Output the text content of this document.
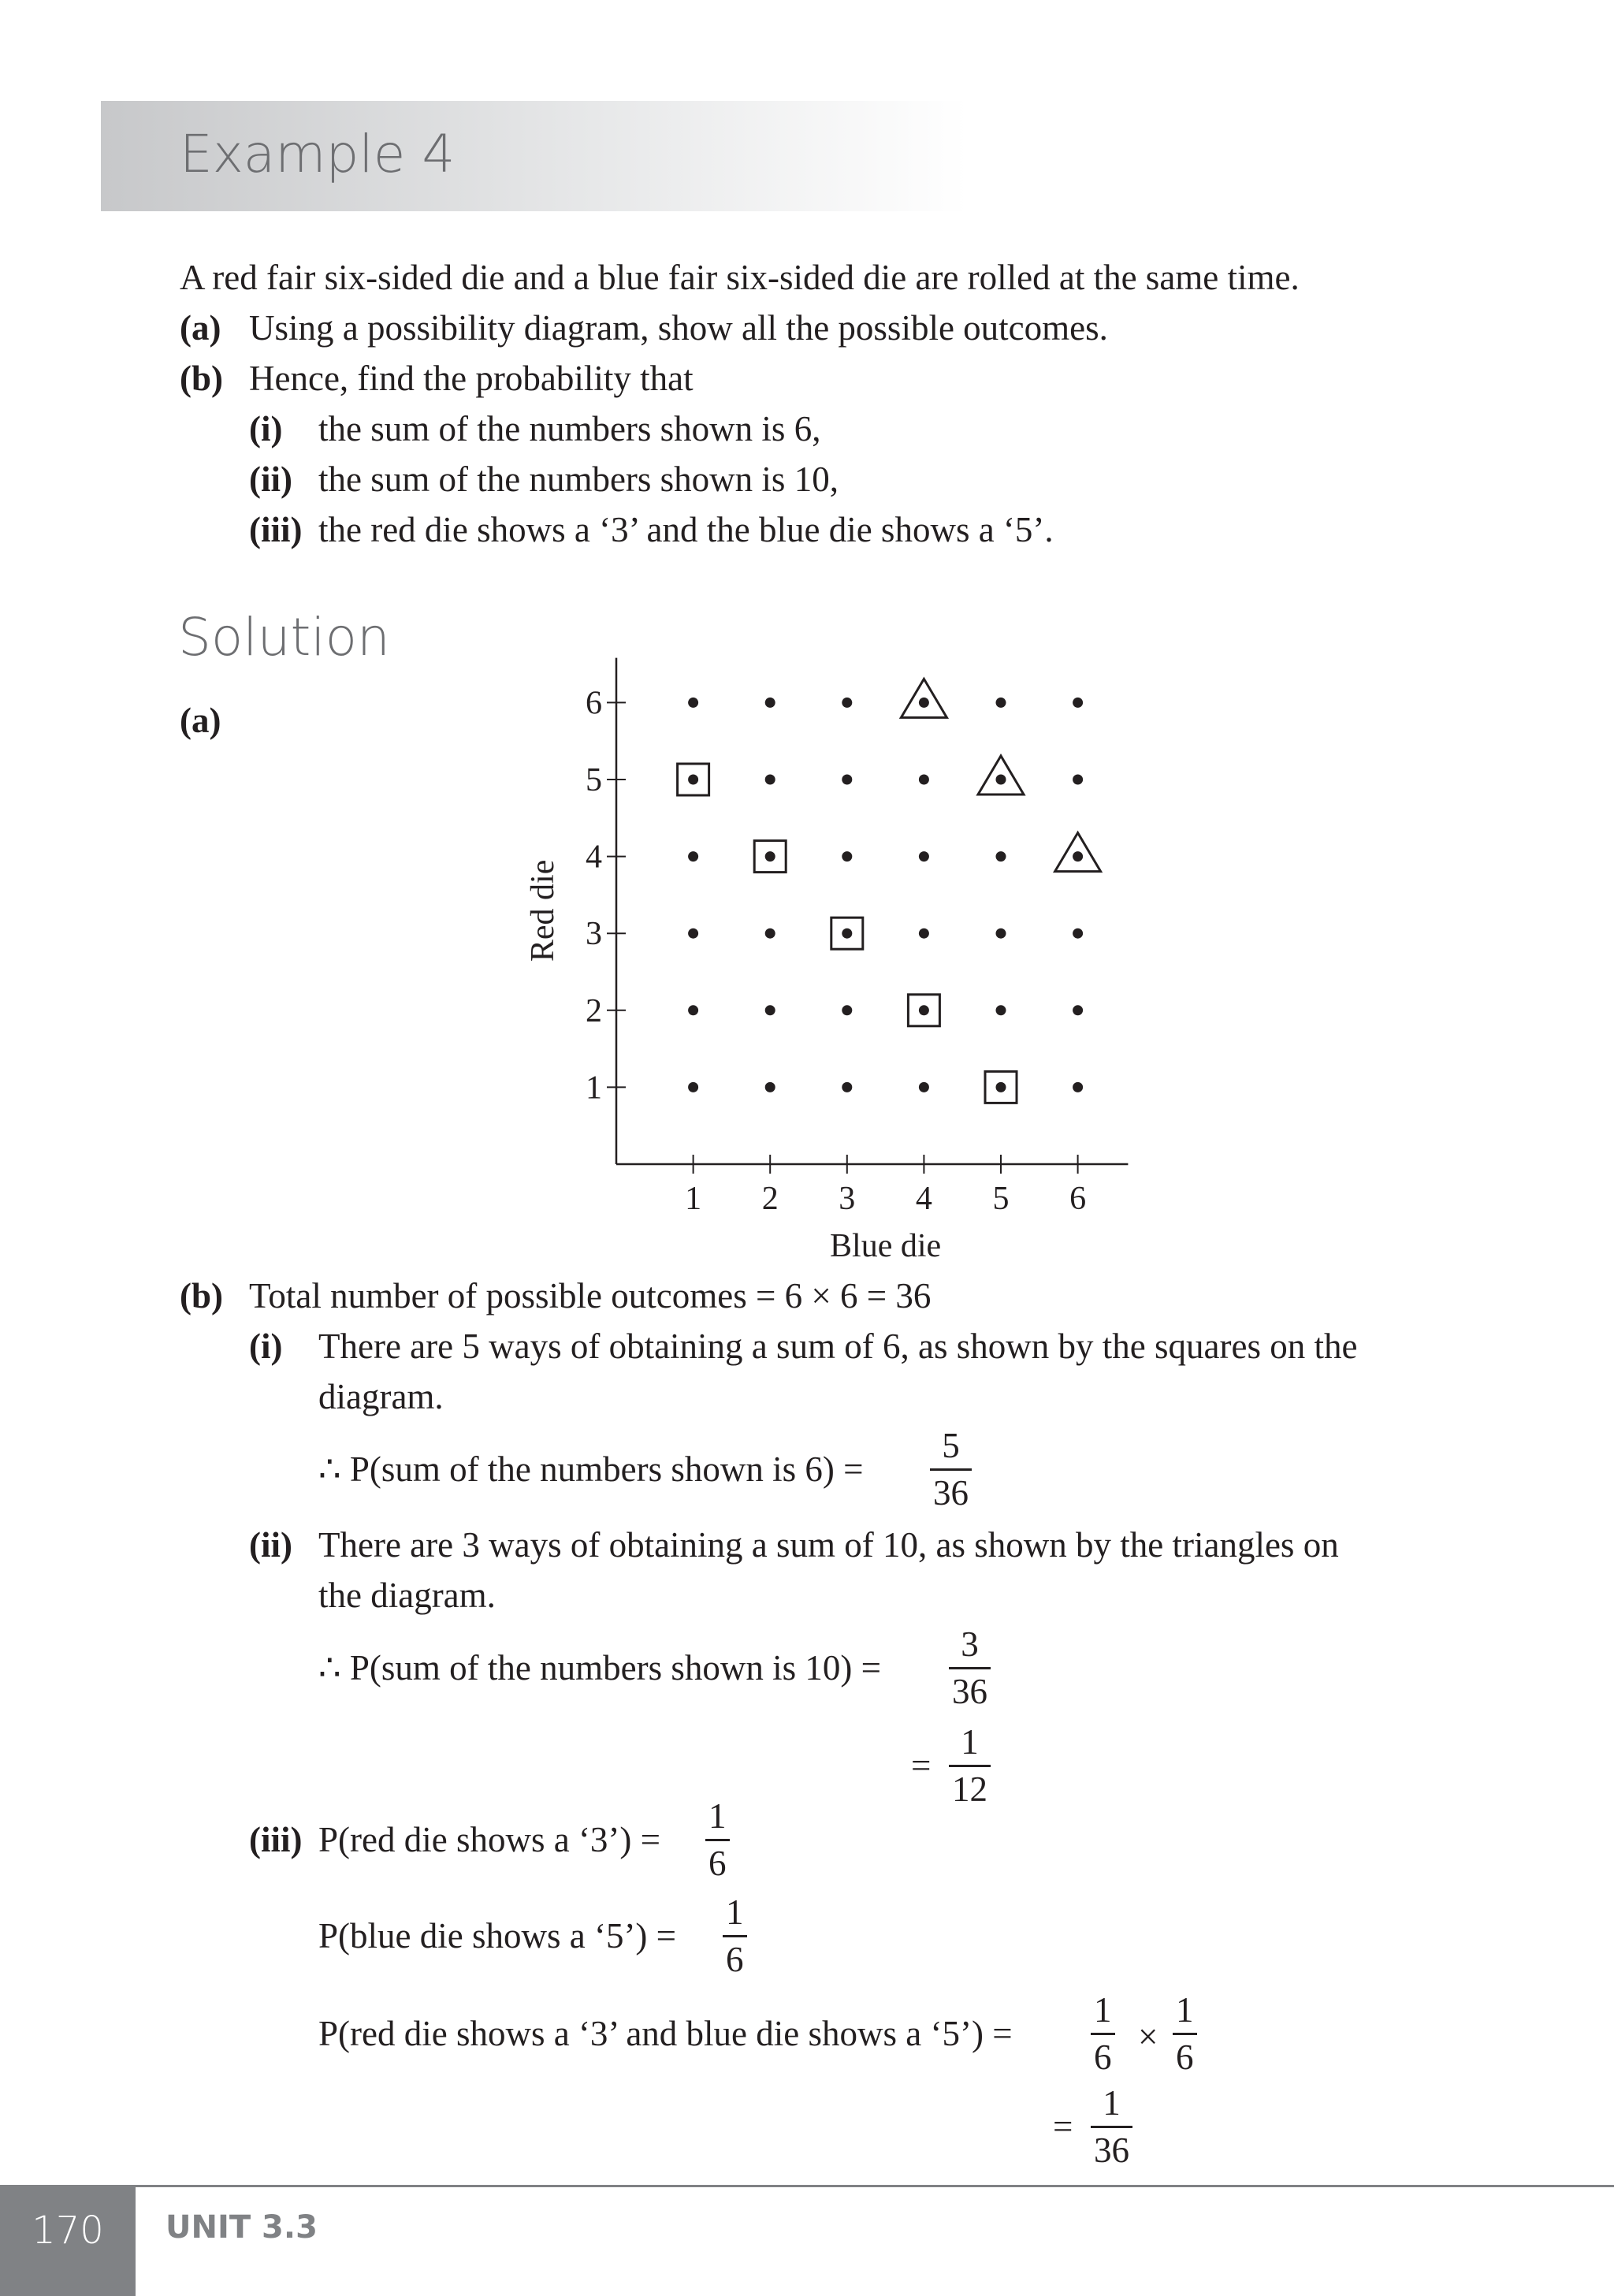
Example 4
A red fair six-sided die and a blue fair six-sided die are rolled at the same time.
(a) Using a possibility diagram, show all the possible outcomes.
(b) Hence, find the probability that
(i) the sum of the numbers shown is 6,
(ii) the sum of the numbers shown is 10,
(iii) the red die shows a ‘3’ and the blue die shows a ‘5’.
Solution
(a)
1 2 3 4 5 6
1
2
3
4
5
6
Blue die
Red die
(b) Total number of possible outcomes = 6 × 6 = 36
(i) There are 5 ways of obtaining a sum of 6, as shown by the squares on the
diagram.
∴ P(sum of the numbers shown is $6) = \frac{5}{36}$
(ii) There are 3 ways of obtaining a sum of 10, as shown by the triangles on
the diagram.
∴ P(sum of the numbers shown is $10) = \frac{3}{36}$
= $\frac{1}{12}$
(iii) P(red die shows a ‘3’) = $\frac{1}{6}$
P(blue die shows a ‘5’) = $\frac{1}{6}$
P(red die shows a ‘3’ and blue die shows a ‘5’) = $\frac{1}{6} \times \frac{1}{6}$
= $\frac{1}{36}$
170	UNIT 3.3
